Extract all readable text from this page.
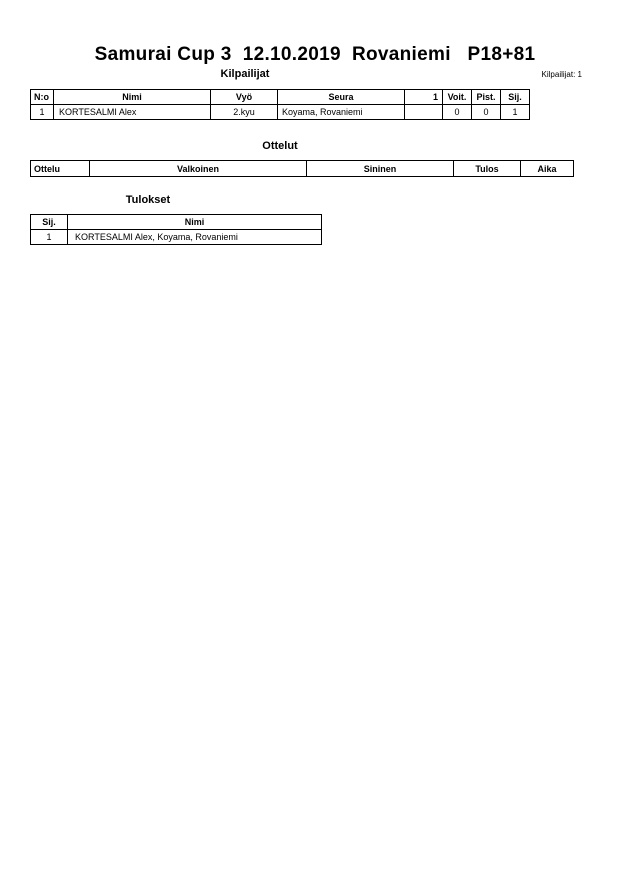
Samurai Cup 3  12.10.2019  Rovaniemi   P18+81
Kilpailijat	Kilpailijat: 1
N:o	Nimi	Vyö	Seura	1	Voit.	Pist.	Sij.
1	KORTESALMI Alex	2.kyu	Koyama, Rovaniemi		0	0	1
Ottelut
Ottelu	Valkoinen	Sininen	Tulos	Aika
Tulokset
Sij.	Nimi
1	KORTESALMI Alex, Koyama, Rovaniemi
